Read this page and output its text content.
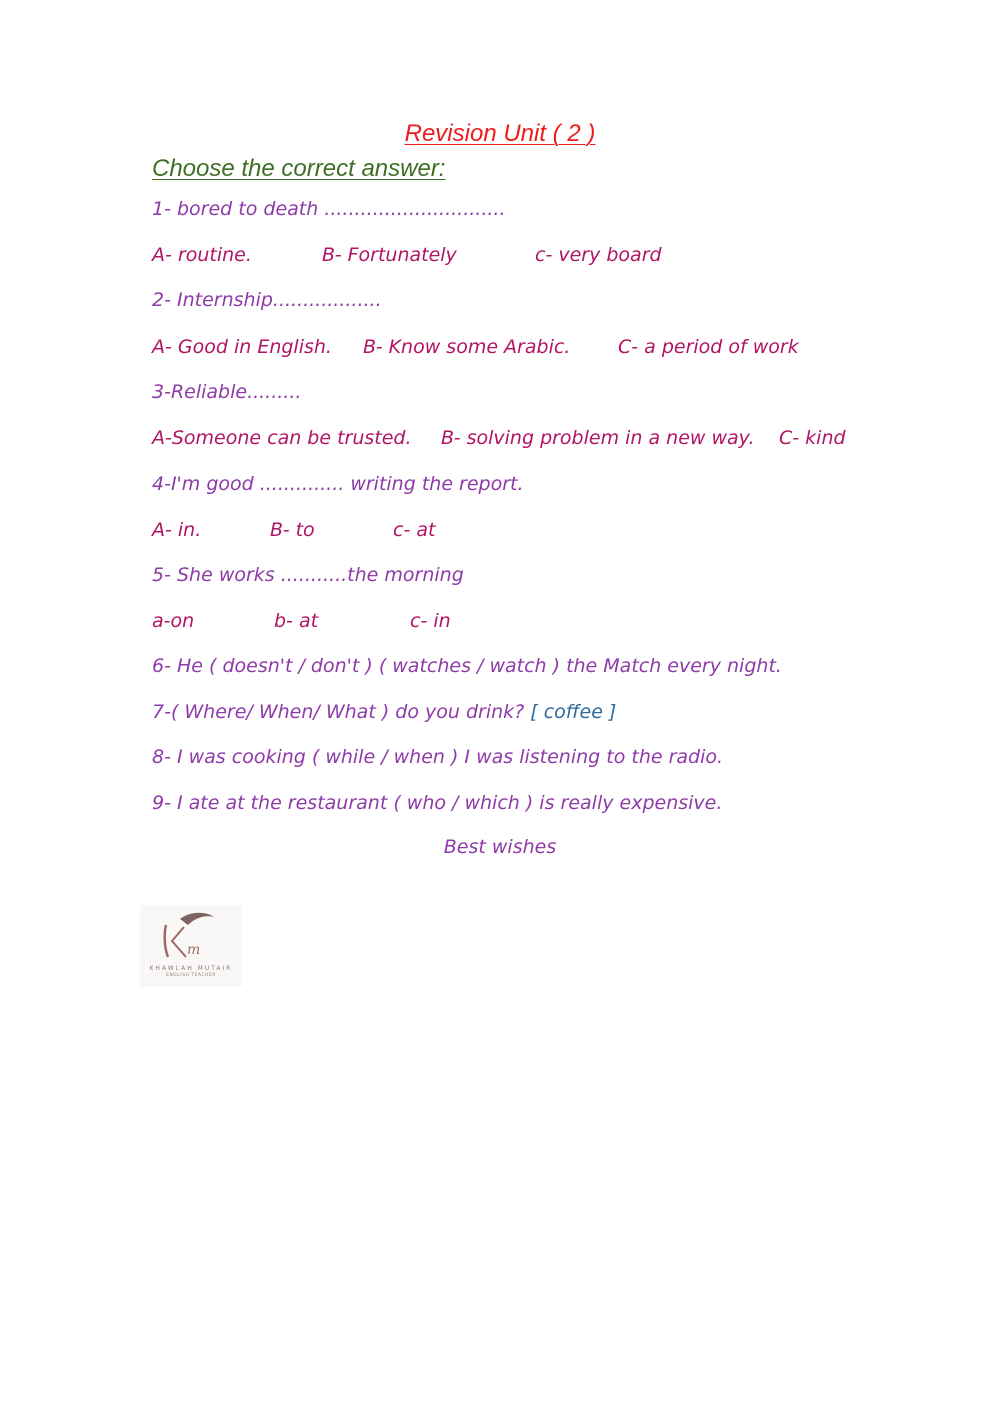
Revision Unit ( 2 )
Choose the correct answer:
1- bored to death ..............................
A- routine.	B- Fortunately	c- very board
2- Internship..................
A- Good in English. B- Know some Arabic.	C- a period of work
3-Reliable.........
A-Someone can be trusted. B- solving problem in a new way. C- kind
4-I'm good .............. writing the report.
A- in.	B- to	c- at
5- She works ...........the morning
a-on	b- at	c- in
6- He ( doesn't / don't ) ( watches / watch ) the Match every night.
7-( Where/ When/ What ) do you drink? [ coffee ]
8- I was cooking ( while / when ) I was listening to the radio.
9- I ate at the restaurant ( who / which ) is really expensive.
Best wishes
m
KHAWLAH MUTAIR
ENGLISH TEACHER
